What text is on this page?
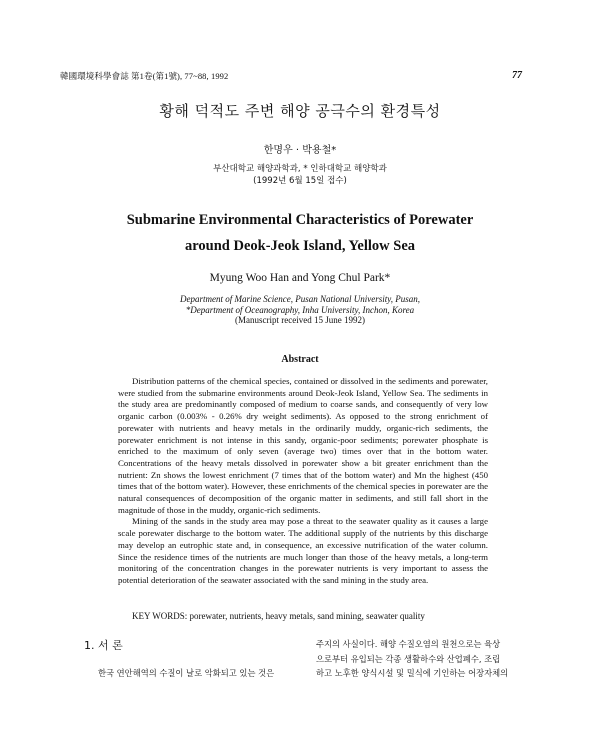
韓國環境科學會誌 第1卷(第1號), 77~88, 1992	77
황해 덕적도 주변 해양 공극수의 환경특성
한명우 · 박용철*
부산대학교 해양과학과, * 인하대학교 해양학과
(1992년 6월 15일 접수)
Submarine Environmental Characteristics of Porewater
around Deok-Jeok Island, Yellow Sea
Myung Woo Han and Yong Chul Park*
Department of Marine Science, Pusan National University, Pusan,
*Department of Oceanography, Inha University, Inchon, Korea
(Manuscript received 15 June 1992)
Abstract

Distribution patterns of the chemical species, contained or dissolved in the sediments and porewater, were studied from the submarine environments around Deok-Jeok Island, Yellow Sea. The sediments in the study area are predominantly composed of medium to coarse sands, and consequently of very low organic carbon (0.003% - 0.26% dry weight sediments). As opposed to the strong enrichment of porewater with nutrients and heavy metals in the ordinarily muddy, organic-rich sediments, the porewater enrichment is not intense in this sandy, organic-poor sediments; porewater phosphate is enriched to the maximum of only seven (average two) times over that in the bottom water. Concentrations of the heavy metals dissolved in porewater show a bit greater enrichment than the nutrient: Zn shows the lowest enrichment (7 times that of the bottom water) and Mn the highest (450 times that of the bottom water). However, these enrichments of the chemical species in porewater are the natural consequences of decomposition of the organic matter in sediments, and still fall short in the magnitude of those in the muddy, organic-rich sediments.

Mining of the sands in the study area may pose a threat to the seawater quality as it causes a large scale porewater discharge to the bottom water. The additional supply of the nutrients by this discharge may develop an eutrophic state and, in consequence, an excessive nutrification of the water column. Since the residence times of the nutrients are much longer than those of the heavy metals, a long-term monitoring of the concentration changes in the porewater nutrients is very important to assess the potential deterioration of the seawater associated with the sand mining in the study area.

KEY WORDS: porewater, nutrients, heavy metals, sand mining, seawater quality
1. 서 론
한국 연안해역의 수질이 날로 악화되고 있는 것은
주지의 사실이다. 해양 수질오염의 원천으로는 육상
으로부터 유입되는 각종 생활하수와 산업폐수, 조립
하고 노후한 양식시설 및 밀식에 기인하는 어장자체의
